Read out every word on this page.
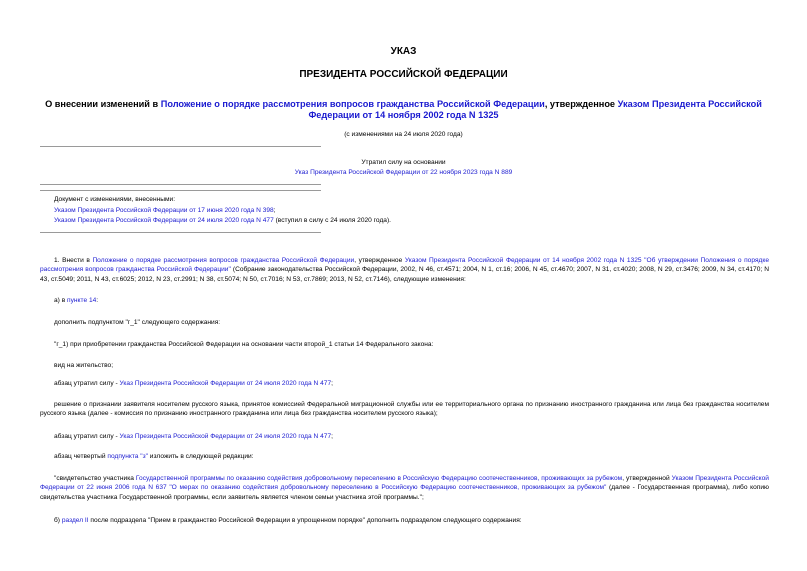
УКАЗ
ПРЕЗИДЕНТА РОССИЙСКОЙ ФЕДЕРАЦИИ
О внесении изменений в Положение о порядке рассмотрения вопросов гражданства Российской Федерации, утвержденное Указом Президента Российской
Федерации от 14 ноября 2002 года N 1325
(с изменениями на 24 июля 2020 года)
Утратил силу на основании
Указ Президента Российской Федерации от 22 ноября 2023 года N 889
Документ с изменениями, внесенными:
Указом Президента Российской Федерации от 17 июня 2020 года N 398;
Указом Президента Российской Федерации от 24 июля 2020 года N 477 (вступил в силу с 24 июля 2020 года).
1. Внести в Положение о порядке рассмотрения вопросов гражданства Российской Федерации, утвержденное Указом Президента Российской Федерации от 14 ноября 2002 года N 1325 "Об утверждении Положения о порядке рассмотрения вопросов гражданства Российской Федерации" (Собрание законодательства Российской Федерации, 2002, N 46, ст.4571; 2004, N 1, ст.16; 2006, N 45, ст.4670; 2007, N 31, ст.4020; 2008, N 29, ст.3476; 2009, N 34, ст.4170; N 43, ст.5049; 2011, N 43, ст.6025; 2012, N 23, ст.2991; N 38, ст.5074; N 50, ст.7016; N 53, ст.7869; 2013, N 52, ст.7146), следующие изменения:
а) в пункте 14:
дополнить подпунктом "г_1" следующего содержания:
"г_1) при приобретении гражданства Российской Федерации на основании части второй_1 статьи 14 Федерального закона:
вид на жительство;
абзац утратил силу - Указ Президента Российской Федерации от 24 июля 2020 года N 477;
решение о признании заявителя носителем русского языка, принятое комиссией Федеральной миграционной службы или ее территориального органа по признанию иностранного гражданина или лица без гражданства носителем русского языка (далее - комиссия по признанию иностранного гражданина или лица без гражданства носителем русского языка);
абзац утратил силу - Указ Президента Российской Федерации от 24 июля 2020 года N 477;
абзац четвертый подпункта "з" изложить в следующей редакции:
"свидетельство участника Государственной программы по оказанию содействия добровольному переселению в Российскую Федерацию соотечественников, проживающих за рубежом, утвержденной Указом Президента Российской Федерации от 22 июня 2006 года N 637 "О мерах по оказанию содействия добровольному переселению в Российскую Федерацию соотечественников, проживающих за рубежом" (далее - Государственная программа), либо копию свидетельства участника Государственной программы, если заявитель является членом семьи участника этой программы.";
б) раздел II после подраздела "Прием в гражданство Российской Федерации в упрощенном порядке" дополнить подразделом следующего содержания:
